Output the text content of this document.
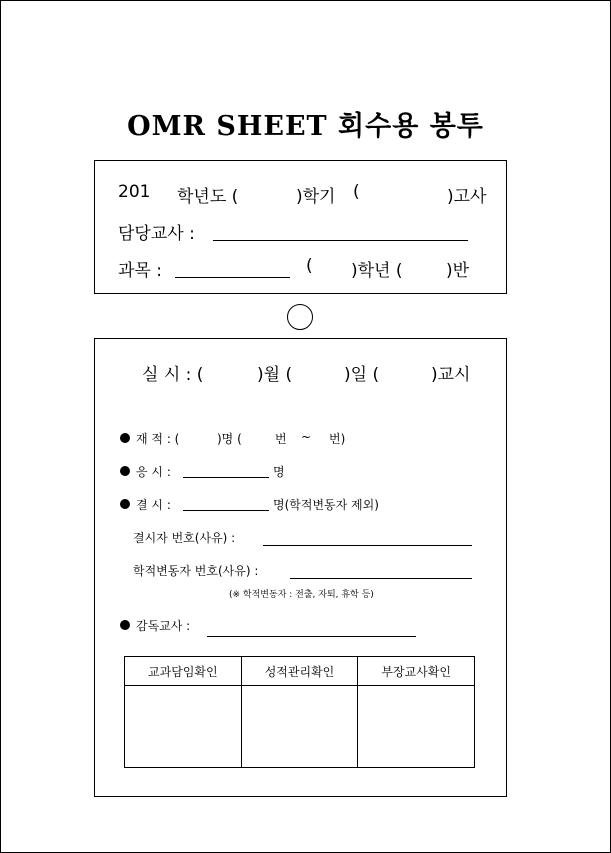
OMR SHEET 회수용 봉투
201 학년도 (	)학기 (	)고사
담당교사 :
과목 :	( )학년 (	)반
실 시 : (	)월 (	)일 (	)교시
재 적 : (	)명 (	번 ~ 번)
응 시 :	명
결 시 :	명(학적변동자 제외)
결시자 번호(사유) :
학적변동자 번호(사유) :
(※ 학적변동자 : 전출, 자퇴, 휴학 등)
감독교사 :
교과담임확인	성적관리확인	부장교사확인
